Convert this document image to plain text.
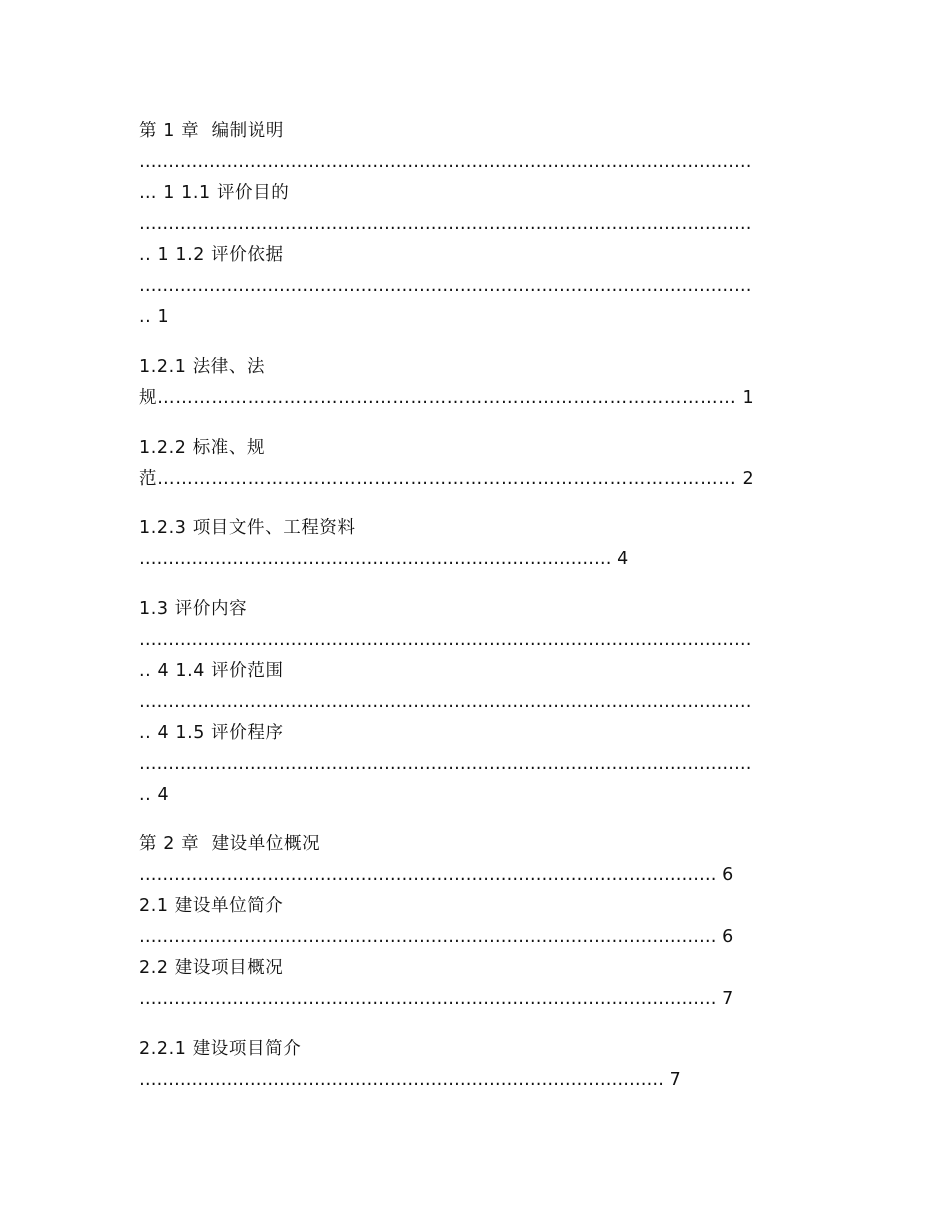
第 1 章  编制说明

……………………………………………………………………………………………

… 1 1.1 评价目的

……………………………………………………………………………………………

.. 1 1.2 评价依据

……………………………………………………………………………………………

.. 1

1.2.1 法律、法

规…………………………………………………………………………………… 1

1.2.2 标准、规

范…………………………………………………………………………………… 2

1.2.3 项目文件、工程资料

……………………………………………………………………… 4

1.3 评价内容

……………………………………………………………………………………………

.. 4 1.4 评价范围

……………………………………………………………………………………………

.. 4 1.5 评价程序

……………………………………………………………………………………………

.. 4

第 2 章  建设单位概况

……………………………………………………………………………………… 6

2.1 建设单位简介

……………………………………………………………………………………… 6

2.2 建设项目概况

……………………………………………………………………………………… 7

2.2.1 建设项目简介

……………………………………………………………………………… 7
